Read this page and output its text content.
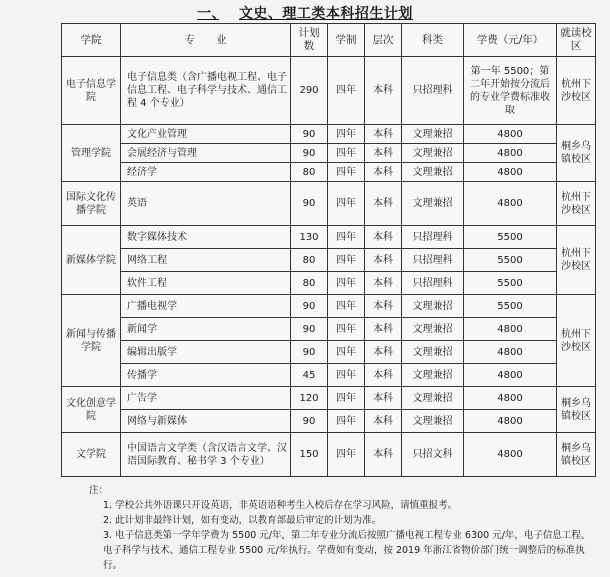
一、　 文史、理工类本科招生计划
学院	专　　业	计划数	学制	层次	科类	学费（元/年）	就读校区
电子信息学院	电子信息类（含广播电视工程、电子信息工程、电子科学与技术、通信工程 4 个专业）	290	四年	本科	只招理科	第一年 5500；第二年开始按分流后的专业学费标准收取	杭州下沙校区
管理学院	文化产业管理	90	四年	本科	文理兼招	4800	桐乡乌镇校区
	会展经济与管理	90	四年	本科	文理兼招	4800	
	经济学	80	四年	本科	文理兼招	4800	
国际文化传播学院	英语	90	四年	本科	文理兼招	4800	杭州下沙校区
新媒体学院	数字媒体技术	130	四年	本科	只招理科	5500	杭州下沙校区
	网络工程	80	四年	本科	只招理科	5500	
	软件工程	80	四年	本科	只招理科	5500	
新闻与传播学院	广播电视学	90	四年	本科	文理兼招	5500	杭州下沙校区
	新闻学	90	四年	本科	文理兼招	4800	
	编辑出版学	90	四年	本科	文理兼招	4800	
	传播学	45	四年	本科	文理兼招	4800	
文化创意学院	广告学	120	四年	本科	文理兼招	4800	桐乡乌镇校区
	网络与新媒体	90	四年	本科	文理兼招	4800	
文学院	中国语言文学类（含汉语言文学、汉语国际教育、秘书学 3 个专业）	150	四年	本科	只招文科	4800	桐乡乌镇校区

注：

1. 学校公共外语课只开设英语，非英语语种考生入校后存在学习风险，请慎重报考。

2. 此计划非最终计划，如有变动，以教育部最后审定的计划为准。

3. 电子信息类第一学年学费为 5500 元/年，第二年专业分流后按照广播电视工程专业 6300 元/年，电子信息工程、电子科学与技术、通信工程专业 5500 元/年执行。学费如有变动，按 2019 年浙江省物价部门统一调整后的标准执行。
